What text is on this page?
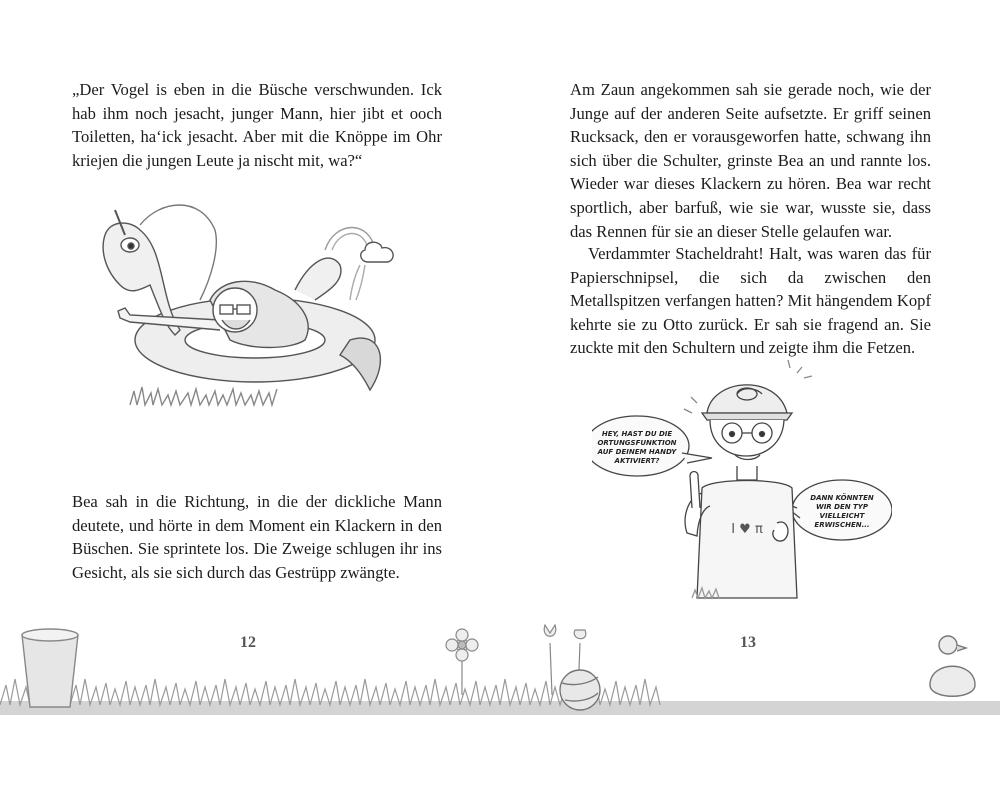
„Der Vogel is eben in die Büsche verschwunden. Ick hab ihm noch jesacht, junger Mann, hier jibt et ooch Toiletten, ha‘ick jesacht. Aber mit die Knöppe im Ohr kriejen die jungen Leute ja nischt mit, wa?“

Bea sah in die Richtung, in die der dickliche Mann deutete, und hörte in dem Moment ein Klackern in den Büschen. Sie sprintete los. Die Zweige schlugen ihr ins Gesicht, als sie sich durch das Gestrüpp zwängte.

12

Am Zaun angekommen sah sie gerade noch, wie der Junge auf der anderen Seite aufsetzte. Er griff seinen Rucksack, den er vorausgeworfen hatte, schwang ihn sich über die Schulter, grinste Bea an und rannte los. Wieder war dieses Klackern zu hören. Bea war recht sportlich, aber barfuß, wie sie war, wusste sie, dass das Rennen für sie an dieser Stelle gelaufen war.

Verdammter Stacheldraht! Halt, was waren das für Papierschnipsel, die sich da zwischen den Metallspitzen verfangen hatten? Mit hängendem Kopf kehrte sie zu Otto zurück. Er sah sie fragend an. Sie zuckte mit den Schultern und zeigte ihm die Fetzen.

HEY, HAST DU DIE
ORTUNGSFUNKTION
AUF DEINEM HANDY
AKTIVIERT?
DANN KÖNNTEN
WIR DEN TYP
VIELLEICHT
ERWISCHEN...
I ♥ π
13
